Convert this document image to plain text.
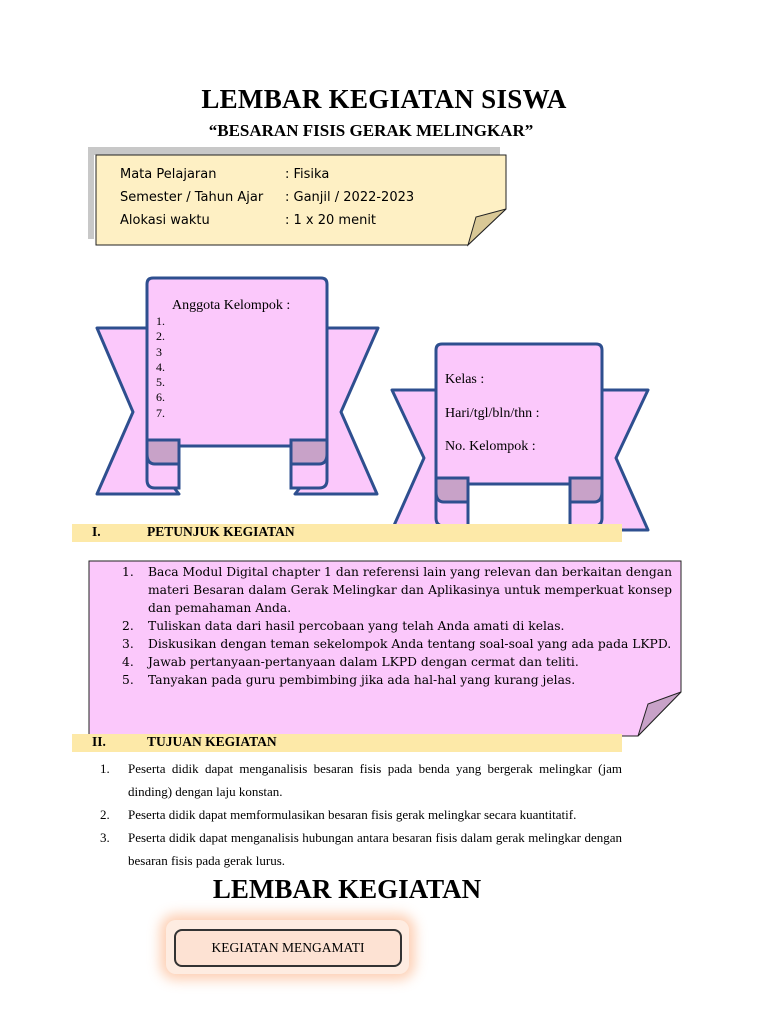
LEMBAR KEGIATAN SISWA
“BESARAN FISIS GERAK MELINGKAR”
Mata Pelajaran	: Fisika
Semester / Tahun Ajar : Ganjil / 2022-2023
Alokasi waktu	: 1 x 20 menit
Anggota Kelompok :
1.
2.
3
4.
5.
6.
7.
Kelas :
Hari/tgl/bln/thn :
No. Kelompok :
I.	PETUNJUK KEGIATAN
1. Baca Modul Digital chapter 1 dan referensi lain yang relevan dan berkaitan dengan materi Besaran dalam Gerak Melingkar dan Aplikasinya untuk memperkuat konsep dan pemahaman Anda.
2. Tuliskan data dari hasil percobaan yang telah Anda amati di kelas.
3. Diskusikan dengan teman sekelompok Anda tentang soal-soal yang ada pada LKPD.
4. Jawab pertanyaan-pertanyaan dalam LKPD dengan cermat dan teliti.
5. Tanyakan pada guru pembimbing jika ada hal-hal yang kurang jelas.
II.	TUJUAN KEGIATAN
1. Peserta didik dapat menganalisis besaran fisis pada benda yang bergerak melingkar (jam dinding) dengan laju konstan.
2. Peserta didik dapat memformulasikan besaran fisis gerak melingkar secara kuantitatif.
3. Peserta didik dapat menganalisis hubungan antara besaran fisis dalam gerak melingkar dengan besaran fisis pada gerak lurus.
LEMBAR KEGIATAN
KEGIATAN MENGAMATI
